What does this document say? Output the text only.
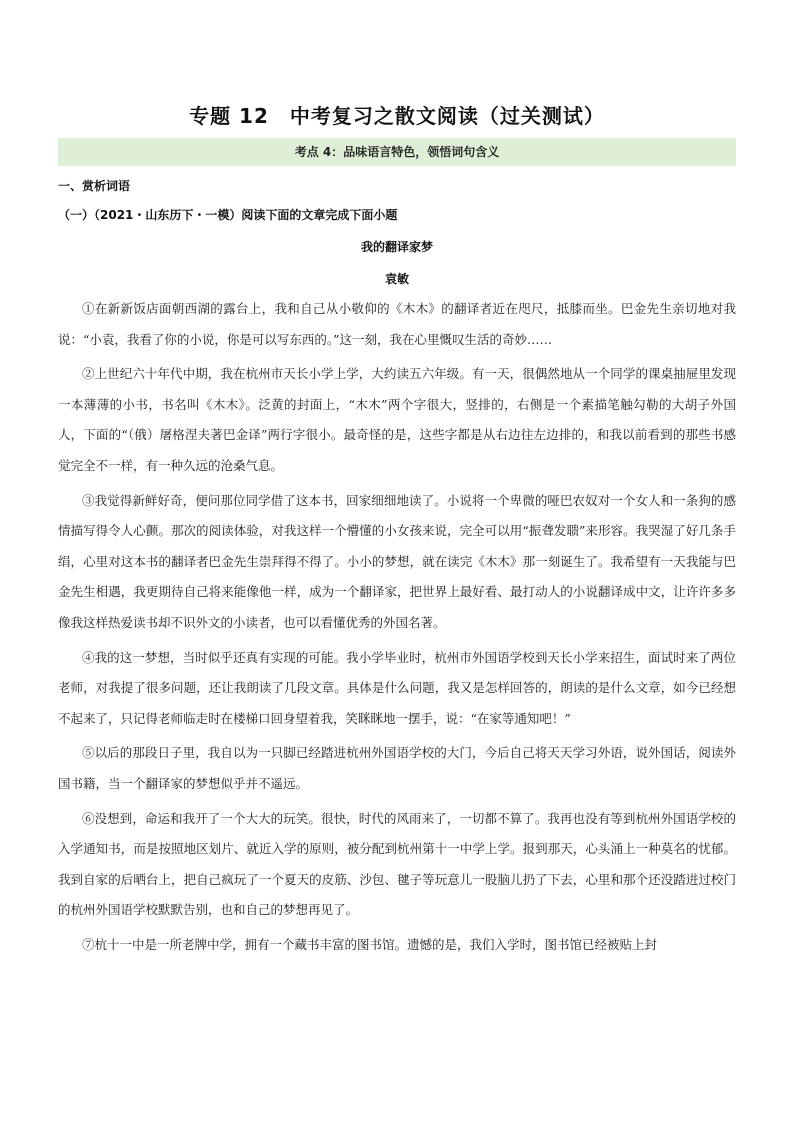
专题 12　中考复习之散文阅读（过关测试）
考点 4：品味语言特色，领悟词句含义
一、赏析词语
（一）（2021・山东历下・一模）阅读下面的文章完成下面小题
我的翻译家梦
袁敏

①在新新饭店面朝西湖的露台上，我和自己从小敬仰的《木木》的翻译者近在咫尺，抵膝而坐。巴金先生亲切地对我说：“小袁，我看了你的小说，你是可以写东西的。”这一刻，我在心里慨叹生活的奇妙……

②上世纪六十年代中期，我在杭州市天长小学上学，大约读五六年级。有一天，很偶然地从一个同学的课桌抽屉里发现一本薄薄的小书，书名叫《木木》。泛黄的封面上，“木木”两个字很大，竖排的，右侧是一个素描笔触勾勒的大胡子外国人，下面的“（俄）屠格涅夫著巴金译”两行字很小。最奇怪的是，这些字都是从右边往左边排的，和我以前看到的那些书感觉完全不一样，有一种久远的沧桑气息。

③我觉得新鲜好奇，便问那位同学借了这本书，回家细细地读了。小说将一个卑微的哑巴农奴对一个女人和一条狗的感情描写得令人心颤。那次的阅读体验，对我这样一个懵懂的小女孩来说，完全可以用“振聋发聩”来形容。我哭湿了好几条手绢，心里对这本书的翻译者巴金先生崇拜得不得了。小小的梦想，就在读完《木木》那一刻诞生了。我希望有一天我能与巴金先生相遇，我更期待自己将来能像他一样，成为一个翻译家，把世界上最好看、最打动人的小说翻译成中文，让许许多多像我这样热爱读书却不识外文的小读者，也可以看懂优秀的外国名著。

④我的这一梦想，当时似乎还真有实现的可能。我小学毕业时，杭州市外国语学校到天长小学来招生，面试时来了两位老师，对我提了很多问题，还让我朗读了几段文章。具体是什么问题，我又是怎样回答的，朗读的是什么文章，如今已经想不起来了，只记得老师临走时在楼梯口回身望着我，笑眯眯地一摆手，说：“在家等通知吧！”

⑤以后的那段日子里，我自以为一只脚已经踏进杭州外国语学校的大门，今后自己将天天学习外语，说外国话，阅读外国书籍，当一个翻译家的梦想似乎并不遥远。

⑥没想到，命运和我开了一个大大的玩笑。很快，时代的风雨来了，一切都不算了。我再也没有等到杭州外国语学校的入学通知书，而是按照地区划片、就近入学的原则，被分配到杭州第十一中学上学。报到那天，心头涌上一种莫名的忧郁。我到自家的后晒台上，把自己疯玩了一个夏天的皮筋、沙包、毽子等玩意儿一股脑儿扔了下去，心里和那个还没踏进过校门的杭州外国语学校默默告别，也和自己的梦想再见了。

⑦杭十一中是一所老牌中学，拥有一个藏书丰富的图书馆。遗憾的是，我们入学时，图书馆已经被贴上封
